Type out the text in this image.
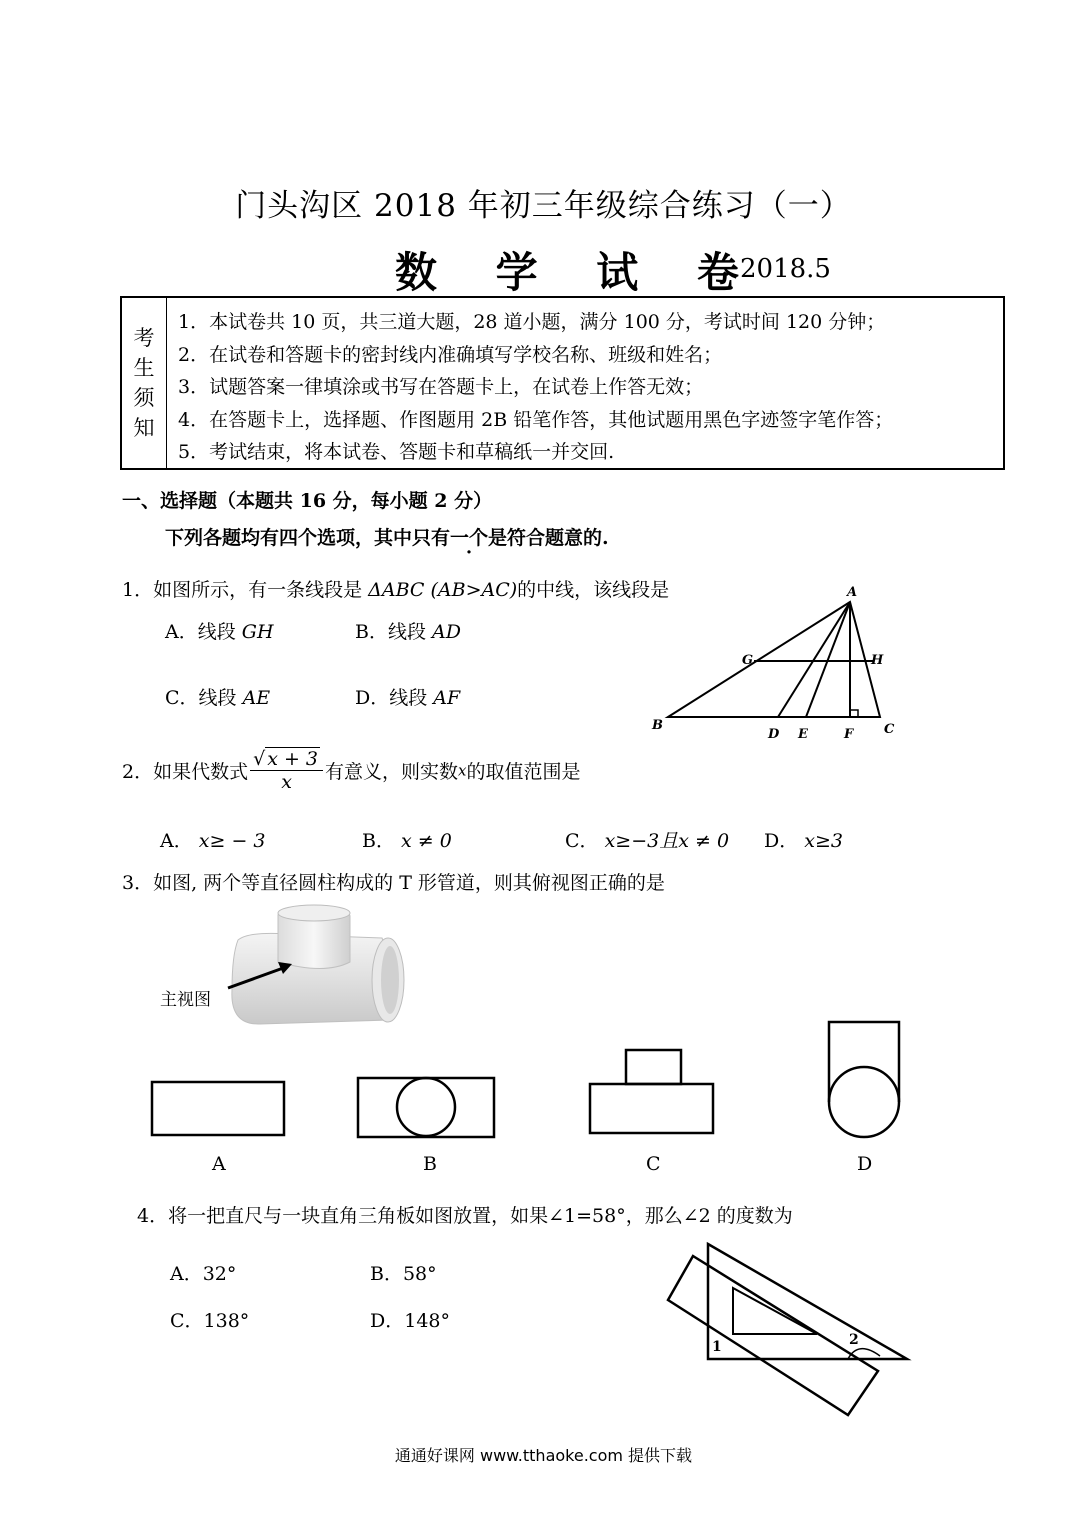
门头沟区 2018 年初三年级综合练习（一）
数 学 试 卷
2018.5
考
生
须
知
1．本试卷共 10 页，共三道大题，28 道小题，满分 100 分，考试时间 120 分钟；
2．在试卷和答题卡的密封线内准确填写学校名称、班级和姓名；
3．试题答案一律填涂或书写在答题卡上，在试卷上作答无效；
4．在答题卡上，选择题、作图题用 2B 铅笔作答，其他试题用黑色字迹签字笔作答；
5．考试结束，将本试卷、答题卡和草稿纸一并交回.
一、选择题（本题共 16 分，每小题 2 分）
下列各题均有四个选项，其中只有一个是符合题意的.
1．如图所示，有一条线段是 ΔABC (AB>AC)的中线，该线段是
A．线段 GH	B．线段 AD
C．线段 AE	D．线段 AF
A
B	C
D E	F
G	H
2．如果代数式 $\frac{√ x + 3}{x}$ 有意义，则实数x的取值范围是
A． x≥ − 3	B． x ≠ 0	C． x≥−3且x ≠ 0 D． x≥3
3．如图, 两个等直径圆柱构成的 T 形管道，则其俯视图正确的是
主视图
A	B	C	D
4．将一把直尺与一块直角三角板如图放置，如果∠1=58°，那么∠2 的度数为
A．32°	B．58°
C．138°	D．148°
1	2
通通好课网 www.tthaoke.com 提供下载
